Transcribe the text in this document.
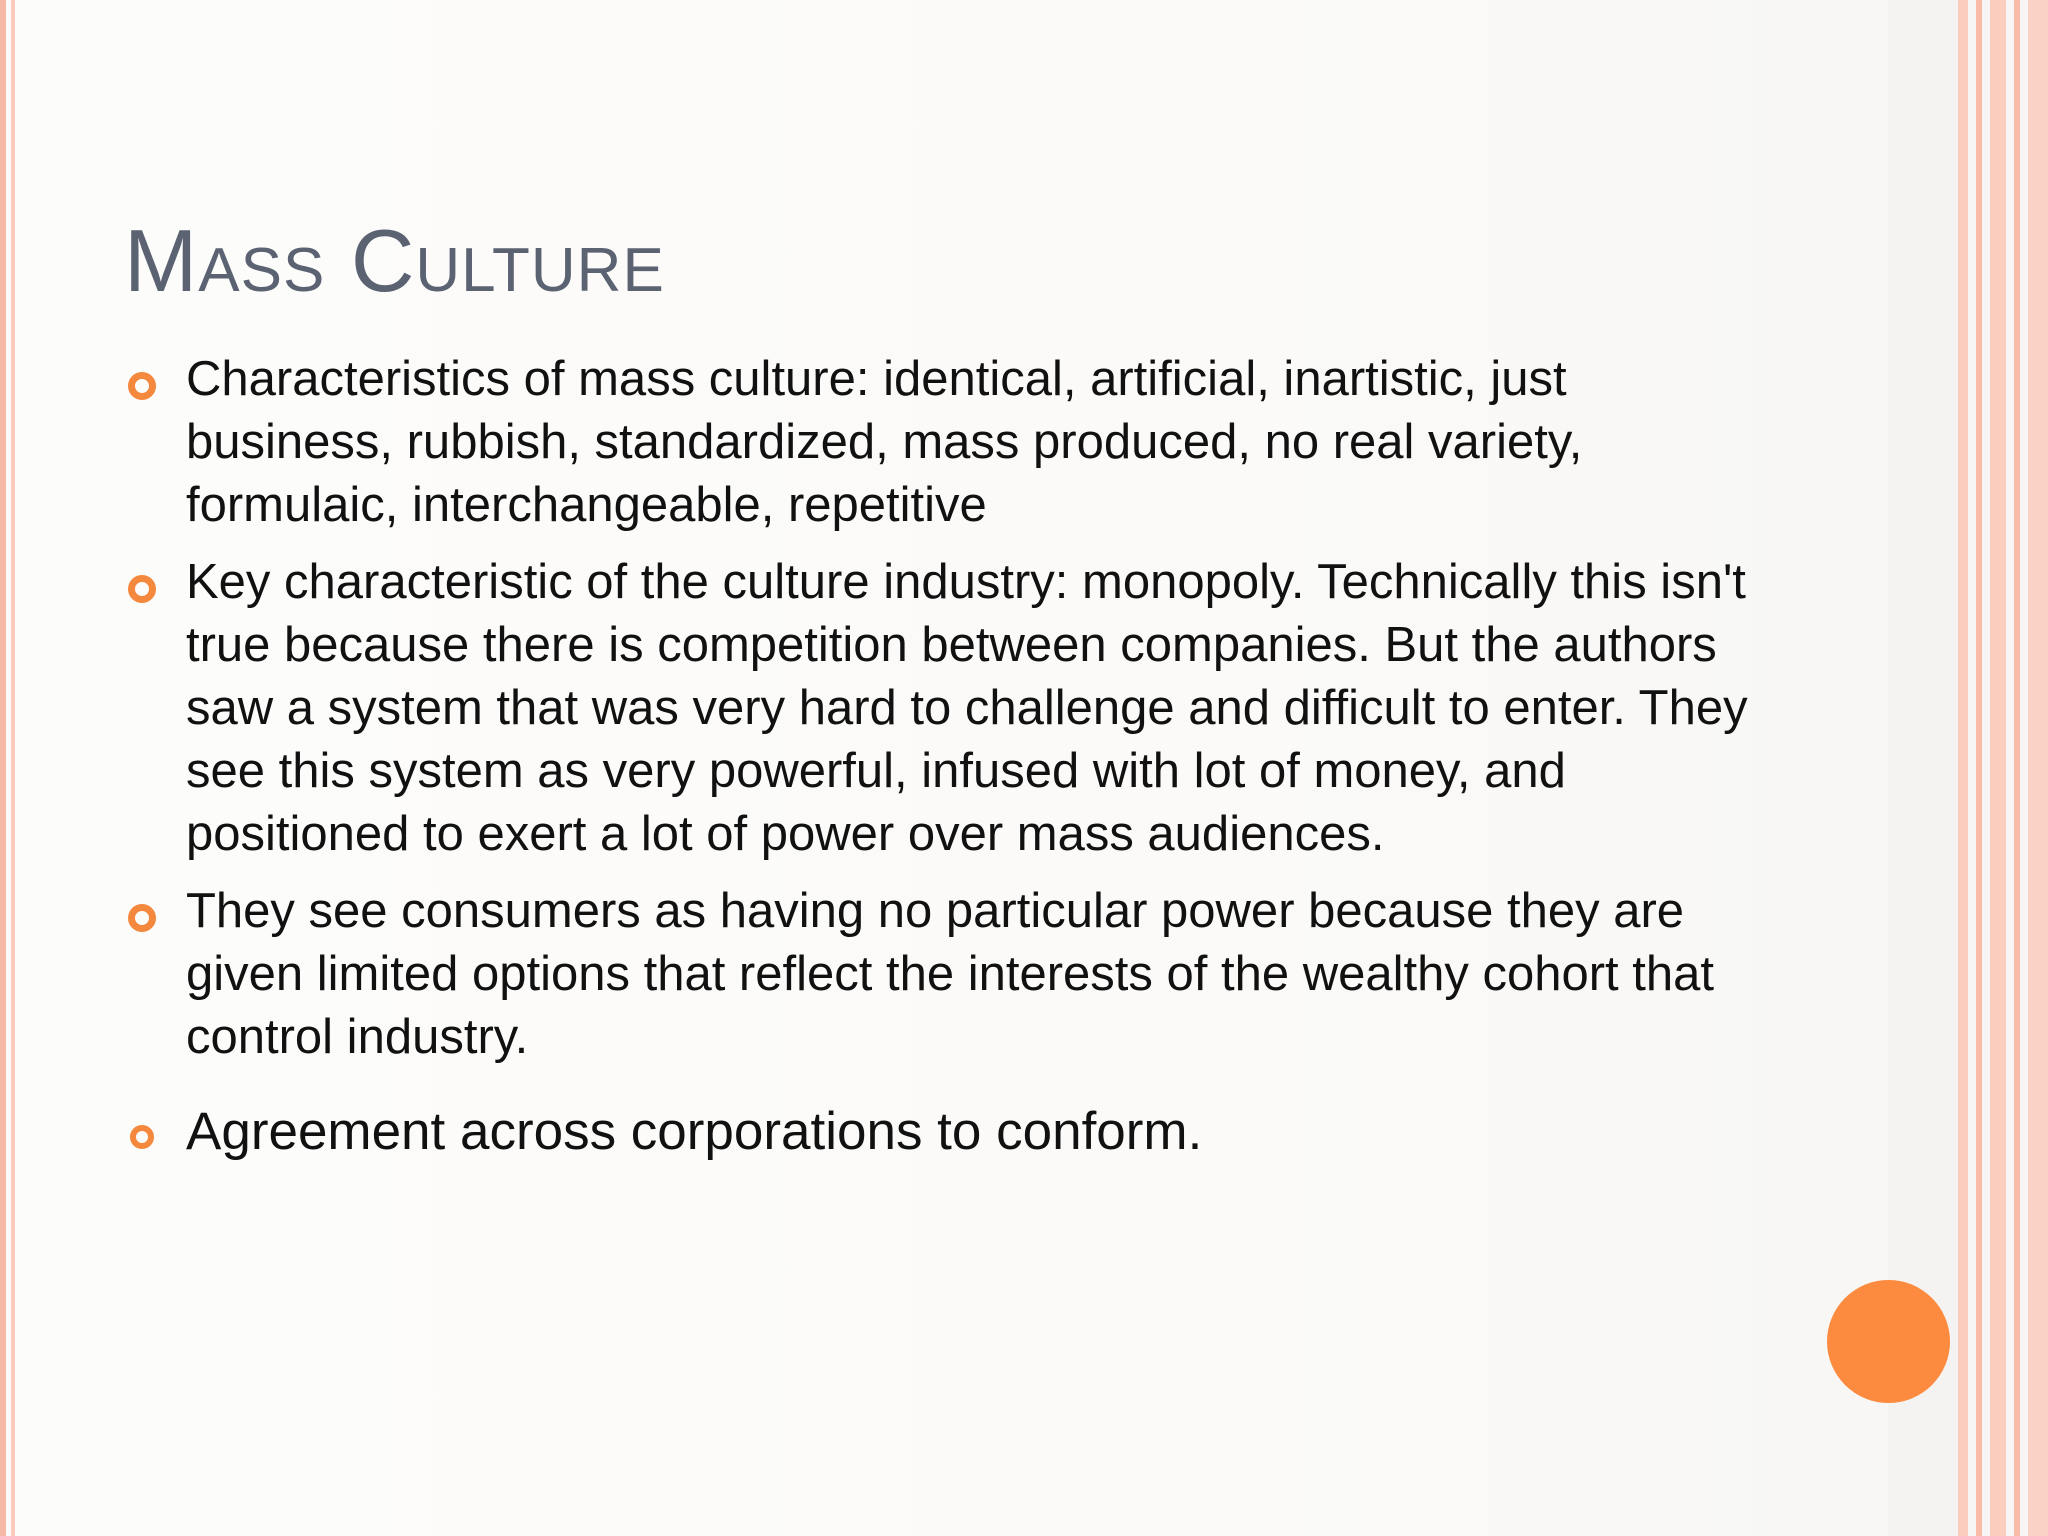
Mass Culture
Characteristics of mass culture: identical, artificial, inartistic, just business, rubbish, standardized, mass produced, no real variety, formulaic, interchangeable, repetitive
Key characteristic of the culture industry: monopoly. Technically this isn't true because there is competition between companies. But the authors saw a system that was very hard to challenge and difficult to enter. They see this system as very powerful, infused with lot of money, and positioned to exert a lot of power over mass audiences.
They see consumers as having no particular power because they are given limited options that reflect the interests of the wealthy cohort that control industry.
Agreement across corporations to conform.
